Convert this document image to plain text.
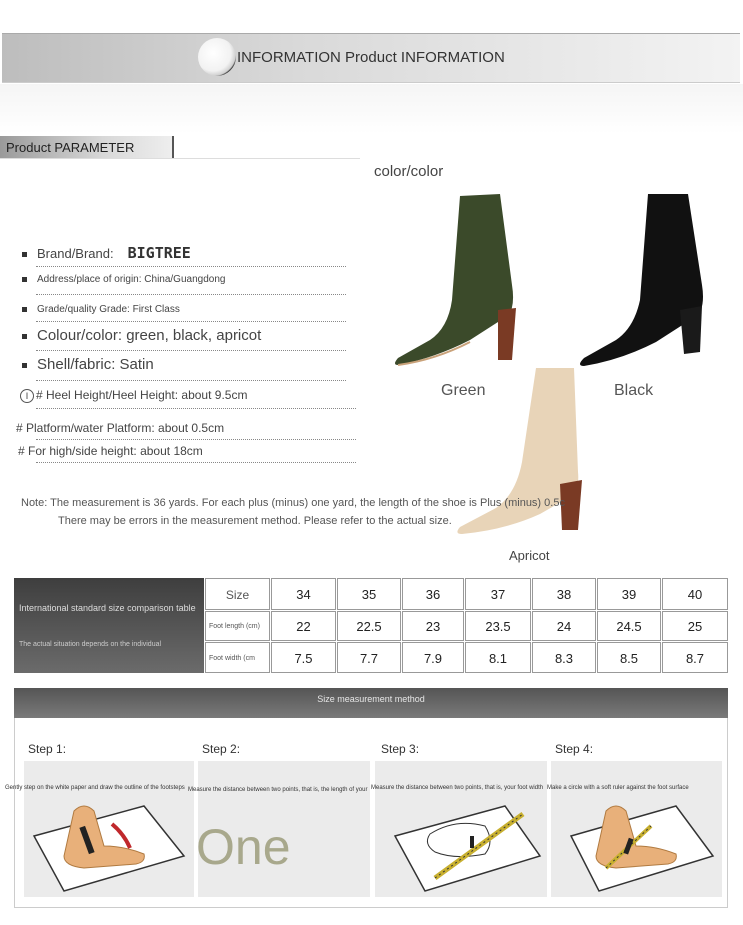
INFORMATION Product INFORMATION
Product PARAMETER
Brand/Brand: BIGTREE
Address/place of origin: China/Guangdong
Grade/quality Grade: First Class
Colour/color: green, black, apricot
Shell/fabric: Satin
I # Heel Height/Heel Height: about 9.5cm
# Platform/water Platform: about 0.5cm
# For high/side height: about 18cm
color/color
Green	Black
Apricot
Note: The measurement is 36 yards. For each plus (minus) one yard, the length of the shoe is Plus (minus) 0.5c
There may be errors in the measurement method. Please refer to the actual size.
International standard size comparison table
The actual situation depends on the individual
Size	34	35	36	37	38	39	40
Foot length (cm)	22	22.5	23	23.5	24	24.5	25
Foot width (cm	7.5	7.7	7.9	8.1	8.3	8.5	8.7
Size measurement method
Step 1:	Step 2:	Step 3:	Step 4:
Gently step on the white paper and draw the outline of the footsteps Measure the distance between two points, that is, the length of your Measure the distance between two points, that is, your foot width Make a circle with a soft ruler against the foot surface
One
